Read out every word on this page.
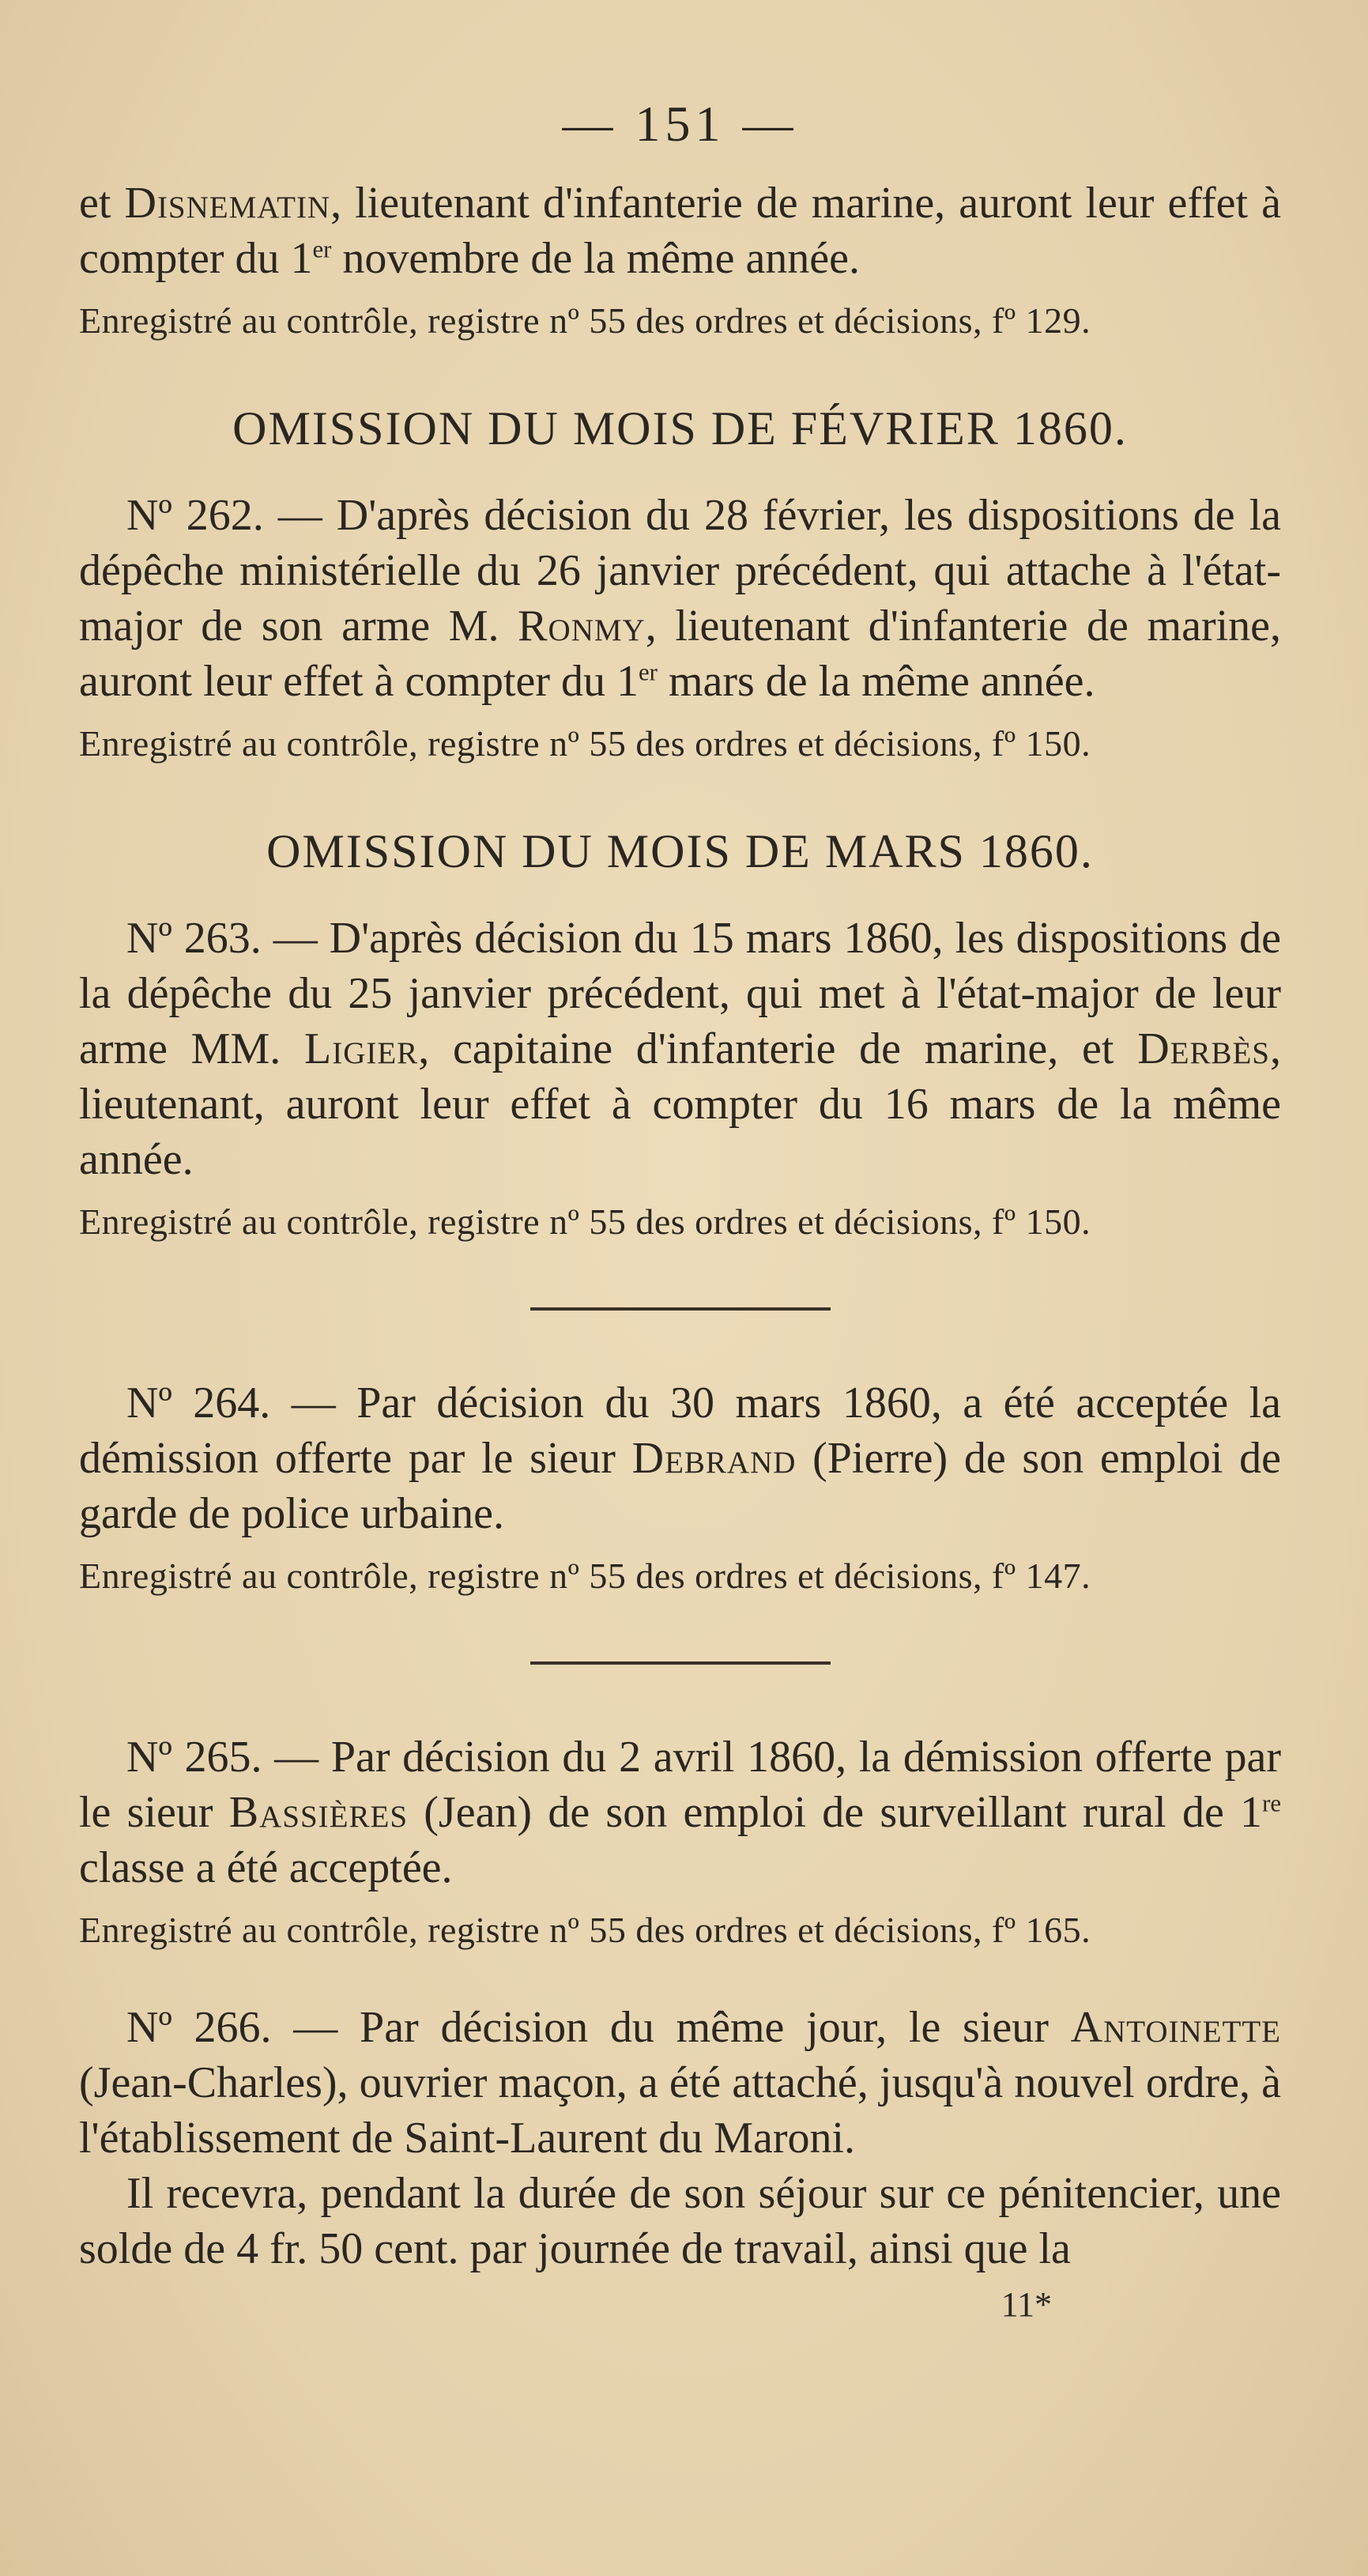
— 151 —

et Disnematin, lieutenant d'infanterie de marine, auront leur effet à compter du 1er novembre de la même année.

Enregistré au contrôle, registre nº 55 des ordres et décisions, fº 129.

OMISSION DU MOIS DE FÉVRIER 1860.

Nº 262. — D'après décision du 28 février, les dispositions de la dépêche ministérielle du 26 janvier précédent, qui attache à l'état-major de son arme M. Ronmy, lieutenant d'infanterie de marine, auront leur effet à compter du 1er mars de la même année.

Enregistré au contrôle, registre nº 55 des ordres et décisions, fº 150.

OMISSION DU MOIS DE MARS 1860.

Nº 263. — D'après décision du 15 mars 1860, les dispositions de la dépêche du 25 janvier précédent, qui met à l'état-major de leur arme MM. Ligier, capitaine d'infanterie de marine, et Derbès, lieutenant, auront leur effet à compter du 16 mars de la même année.

Enregistré au contrôle, registre nº 55 des ordres et décisions, fº 150.

Nº 264. — Par décision du 30 mars 1860, a été acceptée la démission offerte par le sieur Debrand (Pierre) de son emploi de garde de police urbaine.

Enregistré au contrôle, registre nº 55 des ordres et décisions, fº 147.

Nº 265. — Par décision du 2 avril 1860, la démission offerte par le sieur Bassières (Jean) de son emploi de surveillant rural de 1re classe a été acceptée.

Enregistré au contrôle, registre nº 55 des ordres et décisions, fº 165.

Nº 266. — Par décision du même jour, le sieur Antoinette (Jean-Charles), ouvrier maçon, a été attaché, jusqu'à nouvel ordre, à l'établissement de Saint-Laurent du Maroni.

Il recevra, pendant la durée de son séjour sur ce pénitencier, une solde de 4 fr. 50 cent. par journée de travail, ainsi que la

11*
